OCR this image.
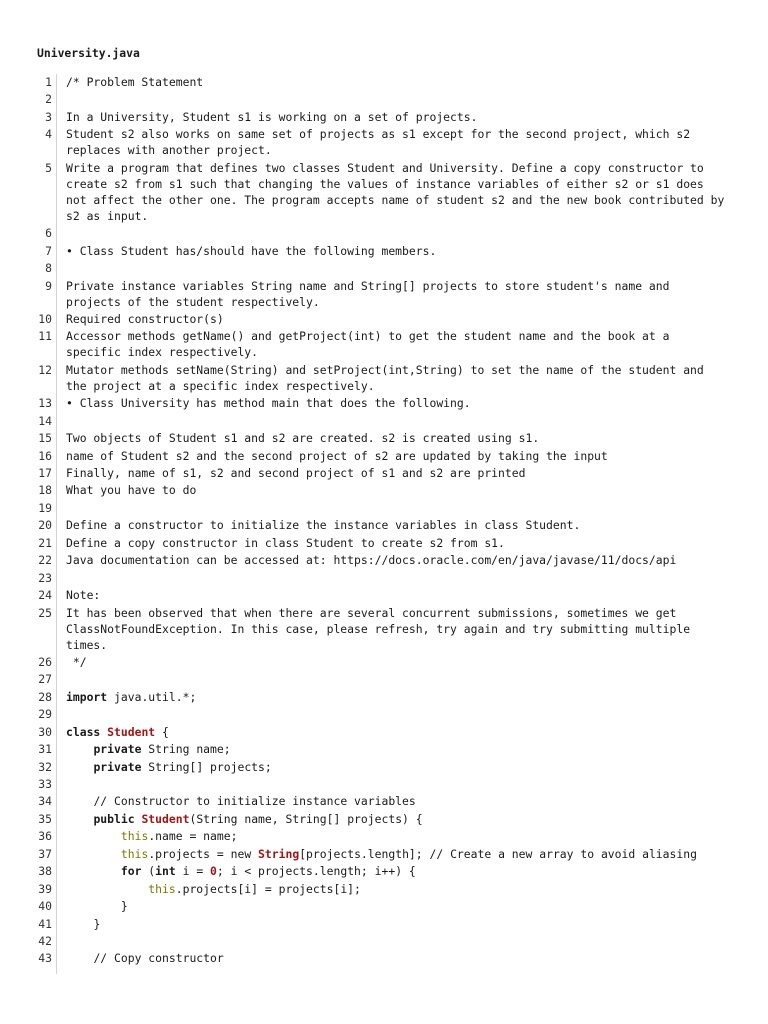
University.java
1	/* Problem Statement
2
3	In a University, Student s1 is working on a set of projects.
4	Student s2 also works on same set of projects as s1 except for the second project, which s2 replaces with another project.
5	Write a program that defines two classes Student and University. Define a copy constructor to create s2 from s1 such that changing the values of instance variables of either s2 or s1 does not affect the other one. The program accepts name of student s2 and the new book contributed by s2 as input.
6
7	• Class Student has/should have the following members.
8
9	Private instance variables String name and String[] projects to store student's name and projects of the student respectively.
10	Required constructor(s)
11	Accessor methods getName() and getProject(int) to get the student name and the book at a specific index respectively.
12	Mutator methods setName(String) and setProject(int,String) to set the name of the student and the project at a specific index respectively.
13	• Class University has method main that does the following.
14
15	Two objects of Student s1 and s2 are created. s2 is created using s1.
16	name of Student s2 and the second project of s2 are updated by taking the input
17	Finally, name of s1, s2 and second project of s1 and s2 are printed
18	What you have to do
19
20	Define a constructor to initialize the instance variables in class Student.
21	Define a copy constructor in class Student to create s2 from s1.
22	Java documentation can be accessed at: https://docs.oracle.com/en/java/javase/11/docs/api
23
24	Note:
25	It has been observed that when there are several concurrent submissions, sometimes we get ClassNotFoundException. In this case, please refresh, try again and try submitting multiple times.
26	*/
27
28	import java.util.*;
29
30	class Student {
31	private String name;
32	private String[] projects;
33
34	// Constructor to initialize instance variables
35	public Student(String name, String[] projects) {
36	this.name = name;
37	this.projects = new String[projects.length]; // Create a new array to avoid aliasing
38	for (int i = 0; i < projects.length; i++) {
39	this.projects[i] = projects[i];
40	}
41	}
42
43	// Copy constructor
